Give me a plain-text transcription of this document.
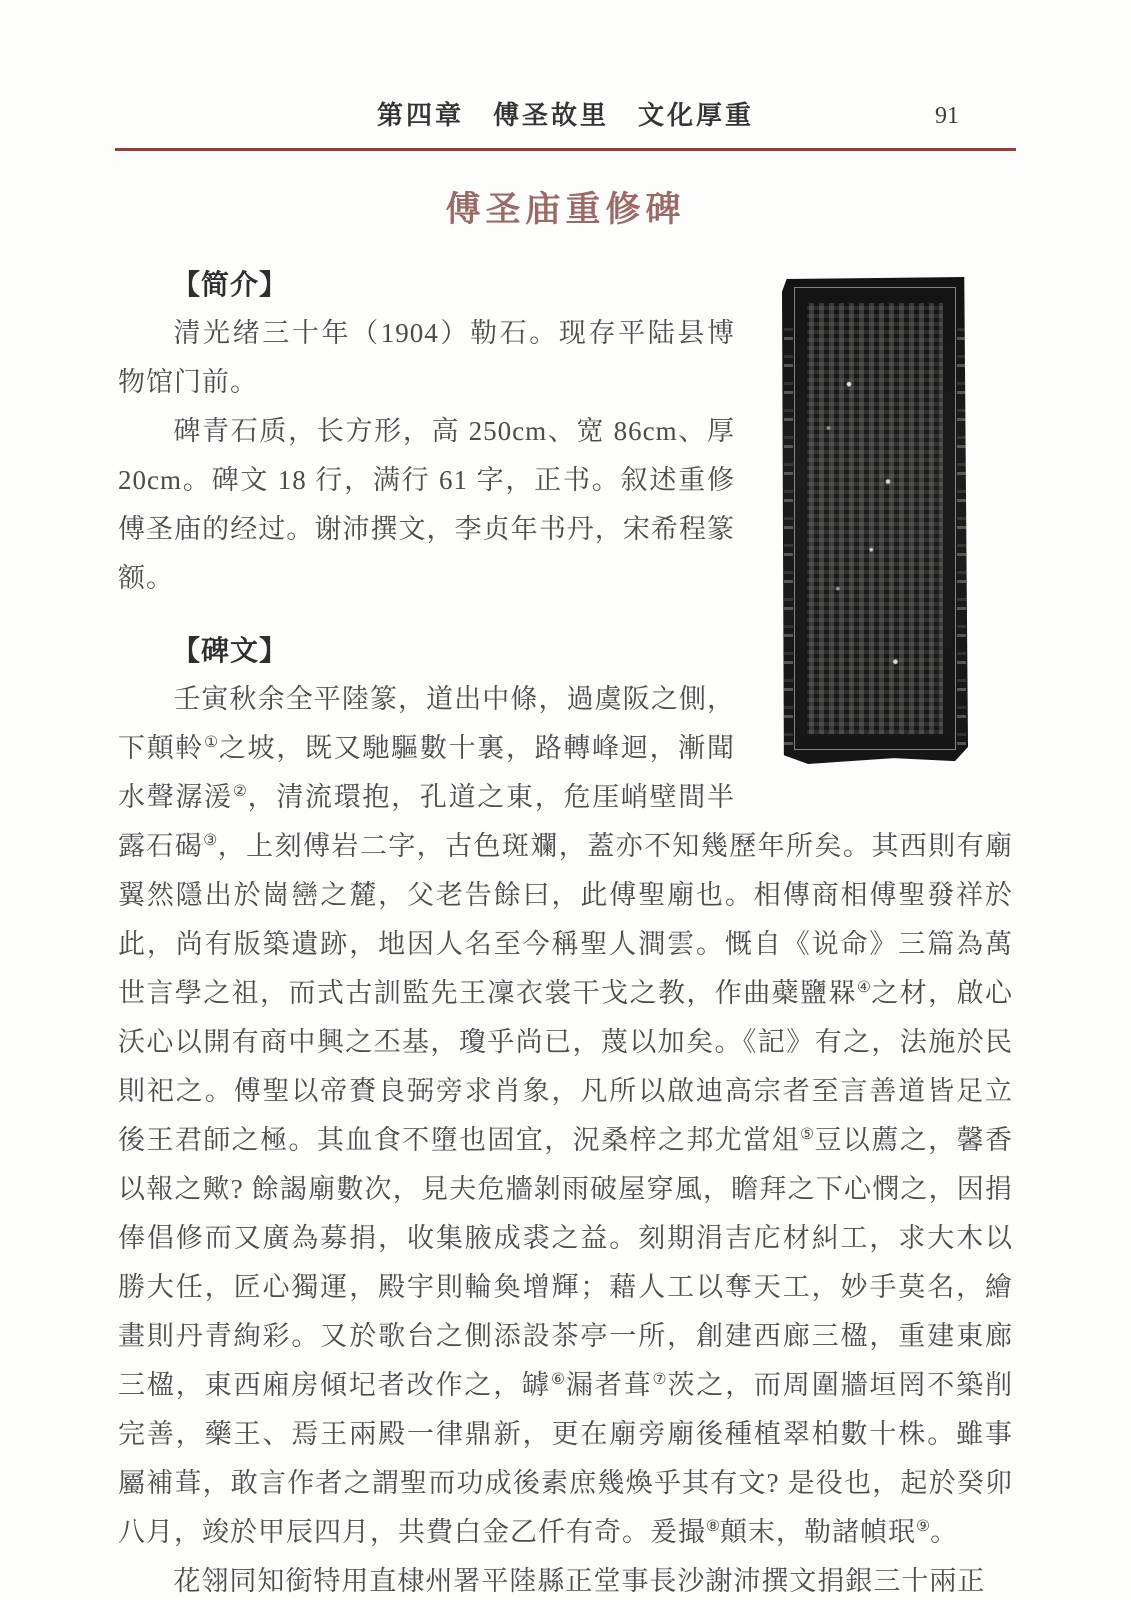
第四章　傅圣故里　文化厚重	91
傅圣庙重修碑
【简介】

清光绪三十年（1904）勒石。现存平陆县博物馆门前。

碑青石质，长方形，高 250cm、宽 86cm、厚 20cm。碑文 18 行，满行 61 字，正书。叙述重修傅圣庙的经过。谢沛撰文，李贞年书丹，宋希程篆额。

【碑文】

壬寅秋余全平陸篆，道出中條，過虞阪之側，下顛軨①之坡，既又馳驅數十裏，路轉峰迴，漸聞水聲潺湲②，清流環抱，孔道之東，危厓峭壁間半露石碣③，上刻傅岩二字，古色斑斕，蓋亦不知幾歷年所矣。其西則有廟翼然隱出於崗巒之麓，父老告餘曰，此傅聖廟也。相傳商相傅聖發祥於此，尚有版築遺跡，地因人名至今稱聖人澗雲。慨自《说命》三篇為萬世言學之祖，而式古訓監先王凜衣裳干戈之教，作曲蘗鹽槑④之材，啟心沃心以開有商中興之丕基，瓊乎尚已，蔑以加矣。《記》有之，法施於民則祀之。傅聖以帝賚良弼旁求肖象，凡所以啟迪高宗者至言善道皆足立後王君師之極。其血食不墮也固宜，況桑梓之邦尤當俎⑤豆以薦之，馨香以報之歟? 餘謁廟數次，見夫危牆剝雨破屋穿風，瞻拜之下心憫之，因捐俸倡修而又廣為募捐，收集腋成裘之益。刻期涓吉庀材糾工，求大木以勝大任，匠心獨運，殿宇則輪奐增輝；藉人工以奪天工，妙手莫名，繪畫則丹青絢彩。又於歌台之側添設茶亭一所，創建西廊三楹，重建東廊三楹，東西廂房傾圮者改作之，罅⑥漏者葺⑦茨之，而周圍牆垣罔不築削完善，藥王、焉王兩殿一律鼎新，更在廟旁廟後種植翠柏數十株。雖事屬補葺，敢言作者之謂聖而功成後素庶幾煥乎其有文? 是役也，起於癸卯八月，竣於甲辰四月，共費白金乙仟有奇。爰撮⑧顛末，勒諸幀珉⑨。

花翎同知銜特用直棣州署平陸縣正堂事長沙謝沛撰文捐銀三十兩正
